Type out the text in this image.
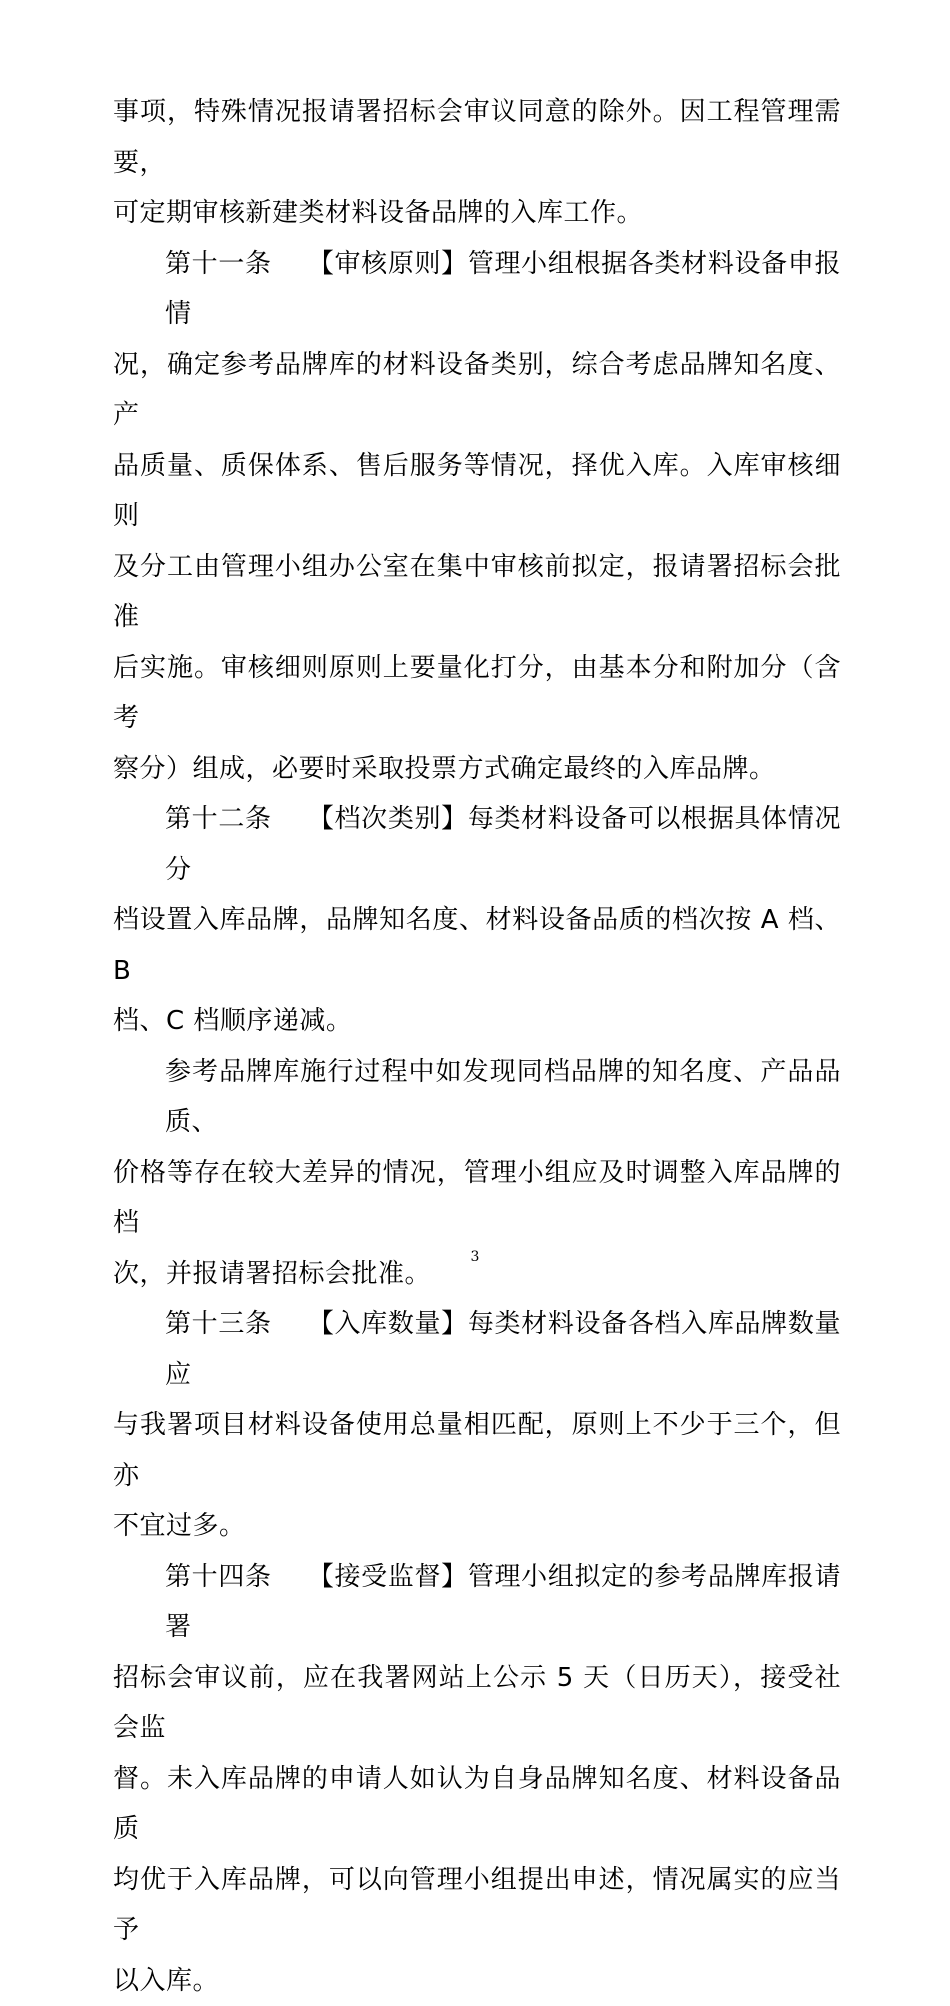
事项，特殊情况报请署招标会审议同意的除外。因工程管理需要，
可定期审核新建类材料设备品牌的入库工作。

第十一条 【审核原则】管理小组根据各类材料设备申报情
况，确定参考品牌库的材料设备类别，综合考虑品牌知名度、产
品质量、质保体系、售后服务等情况，择优入库。入库审核细则
及分工由管理小组办公室在集中审核前拟定，报请署招标会批准
后实施。审核细则原则上要量化打分，由基本分和附加分（含考
察分）组成，必要时采取投票方式确定最终的入库品牌。

第十二条 【档次类别】每类材料设备可以根据具体情况分
档设置入库品牌，品牌知名度、材料设备品质的档次按 A 档、B
档、C 档顺序递减。

参考品牌库施行过程中如发现同档品牌的知名度、产品品质、
价格等存在较大差异的情况，管理小组应及时调整入库品牌的档
次，并报请署招标会批准。

第十三条 【入库数量】每类材料设备各档入库品牌数量应
与我署项目材料设备使用总量相匹配，原则上不少于三个，但亦
不宜过多。

第十四条 【接受监督】管理小组拟定的参考品牌库报请署
招标会审议前，应在我署网站上公示 5 天（日历天），接受社会监
督。未入库品牌的申请人如认为自身品牌知名度、材料设备品质
均优于入库品牌，可以向管理小组提出申述，情况属实的应当予
以入库。

3
